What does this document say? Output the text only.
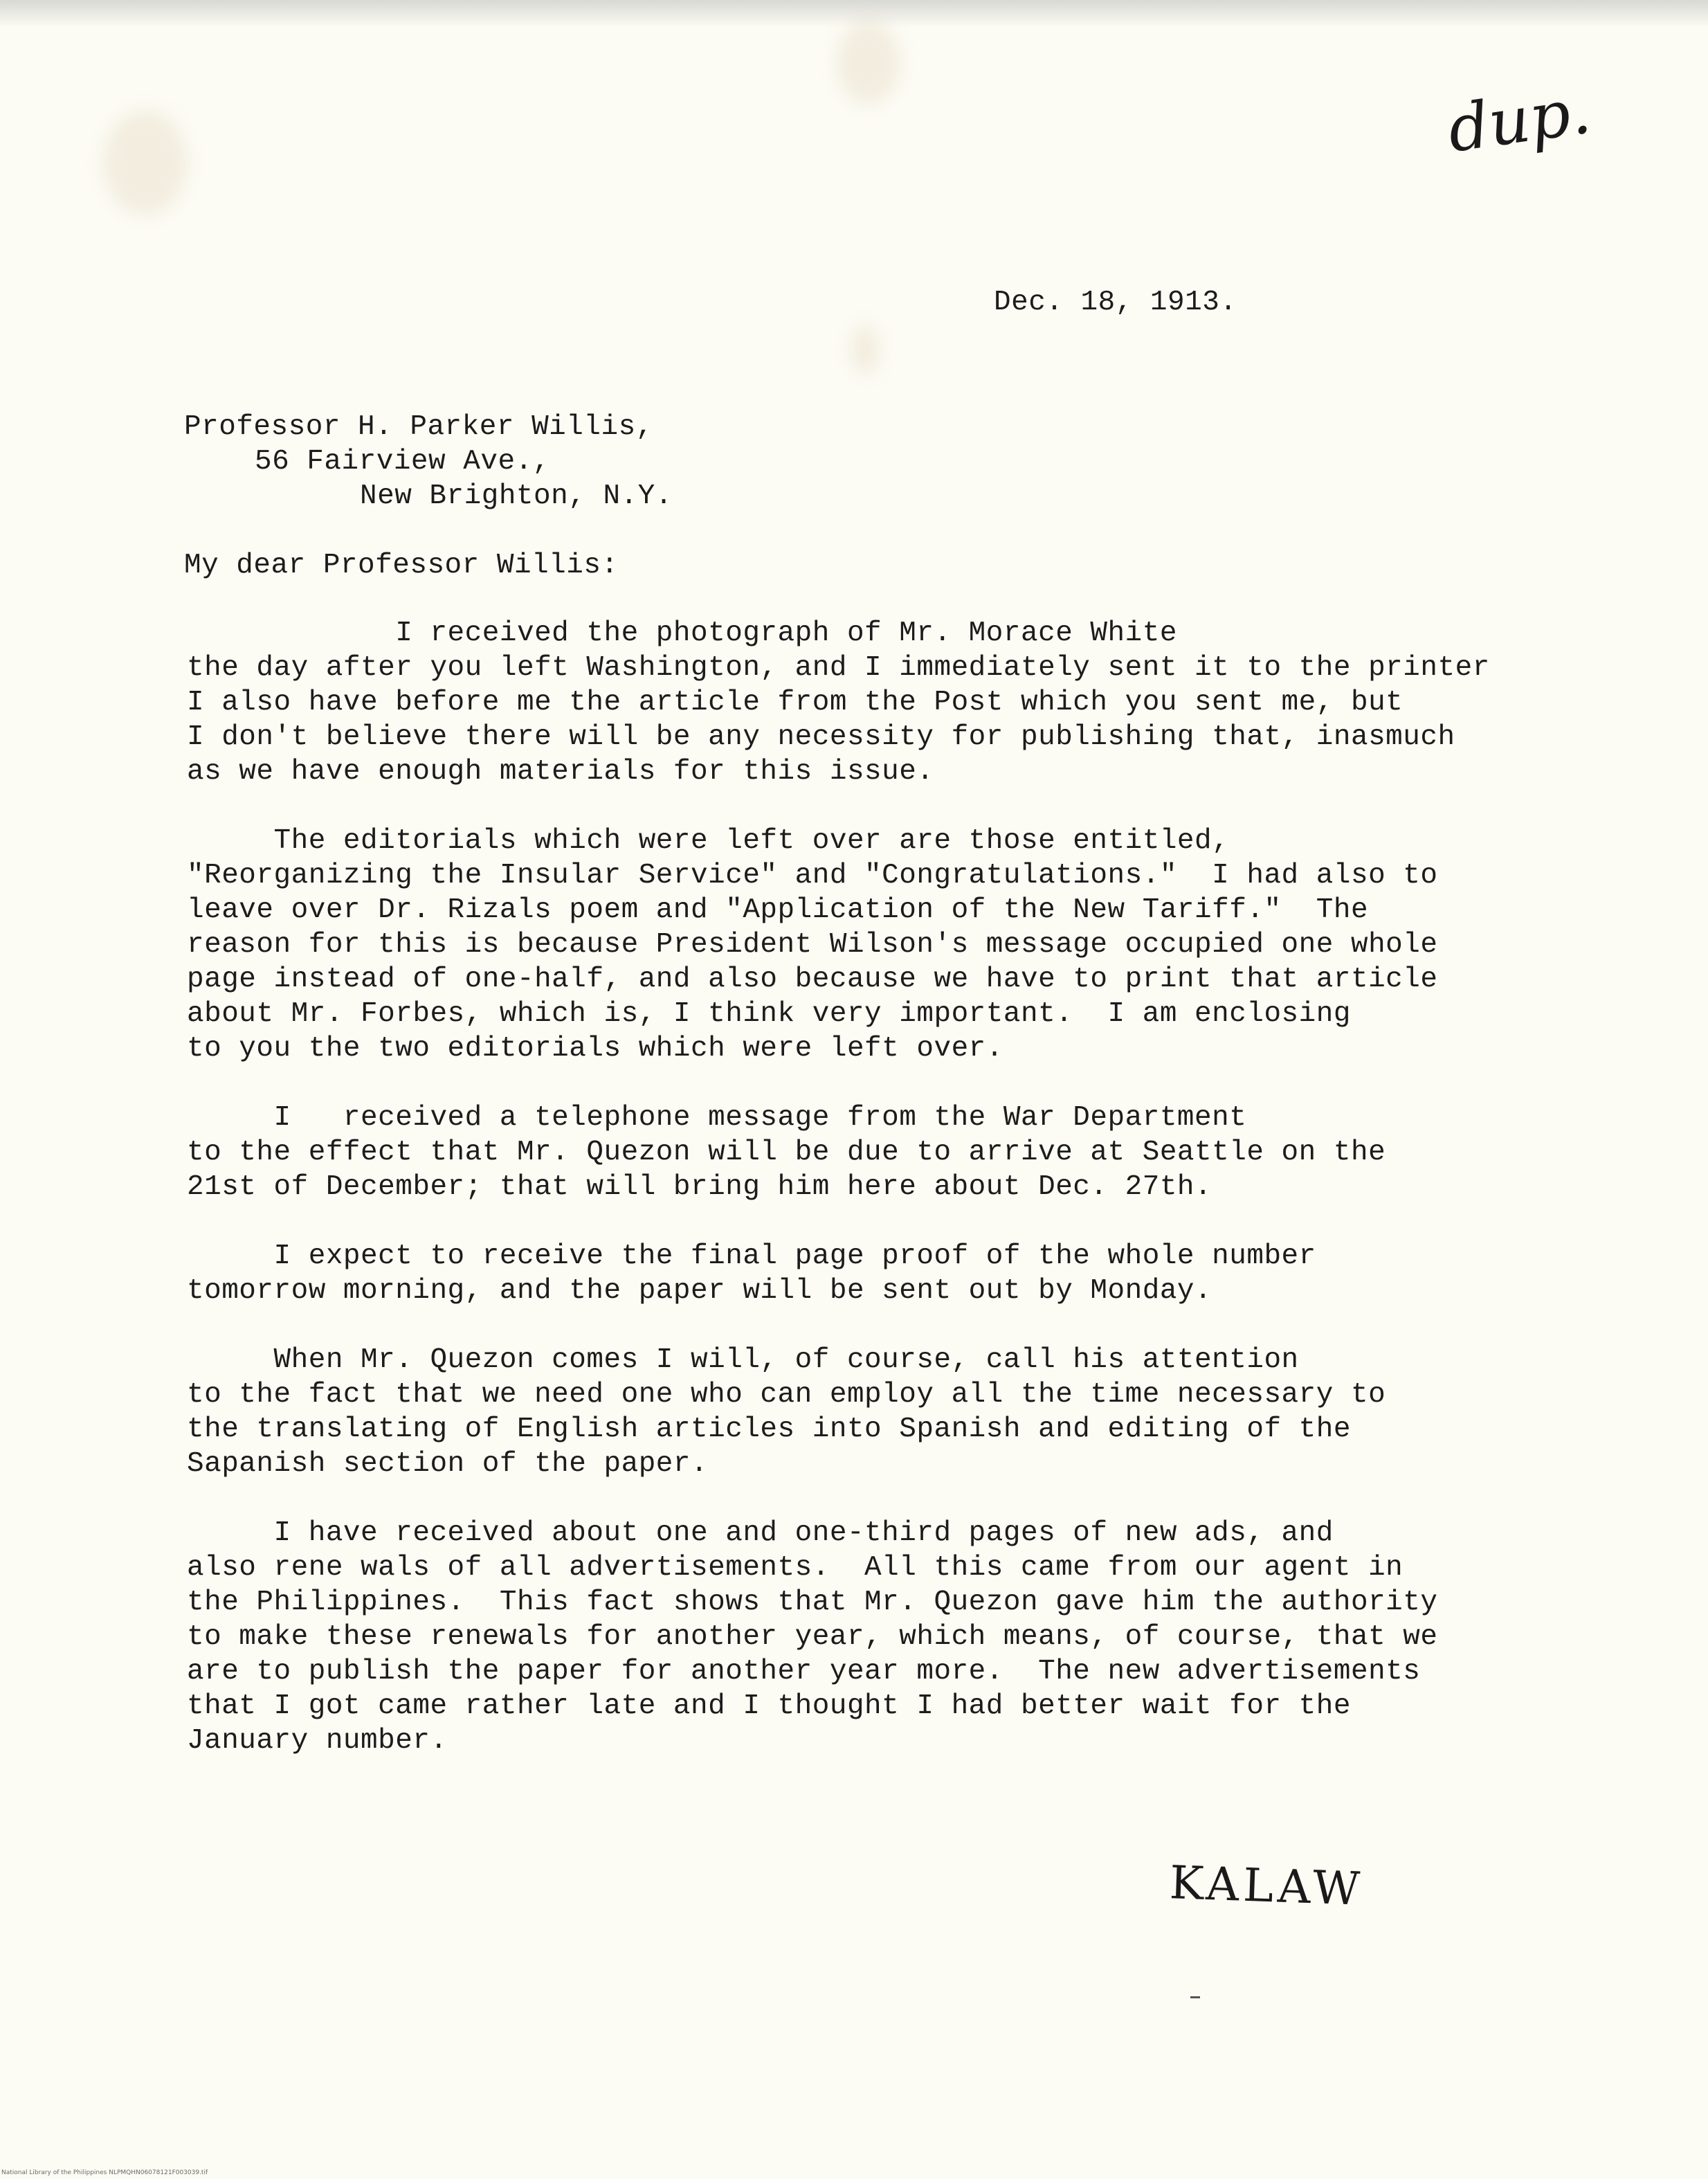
dup.
Dec. 18, 1913.
Professor H. Parker Willis,
56 Fairview Ave.,
New Brighton, N.Y.
My dear Professor Willis:

I received the photograph of Mr. Morace White
the day after you left Washington, and I immediately sent it to the printer
I also have before me the article from the Post which you sent me, but
I don't believe there will be any necessity for publishing that, inasmuch
as we have enough materials for this issue.

The editorials which were left over are those entitled,
"Reorganizing the Insular Service" and "Congratulations."  I had also to
leave over Dr. Rizals poem and "Application of the New Tariff."  The
reason for this is because President Wilson's message occupied one whole
page instead of one-half, and also because we have to print that article
about Mr. Forbes, which is, I think very important.  I am enclosing
to you the two editorials which were left over.

I   received a telephone message from the War Department
to the effect that Mr. Quezon will be due to arrive at Seattle on the
21st of December; that will bring him here about Dec. 27th.

I expect to receive the final page proof of the whole number
tomorrow morning, and the paper will be sent out by Monday.

When Mr. Quezon comes I will, of course, call his attention
to the fact that we need one who can employ all the time necessary to
the translating of English articles into Spanish and editing of the
Sapanish section of the paper.

I have received about one and one-third pages of new ads, and
also rene wals of all advertisements.  All this came from our agent in
the Philippines.  This fact shows that Mr. Quezon gave him the authority
to make these renewals for another year, which means, of course, that we
are to publish the paper for another year more.  The new advertisements
that I got came rather late and I thought I had better wait for the
January number.

KALAW
National Library of the Philippines NLPMQHN06078121F003039.tif
